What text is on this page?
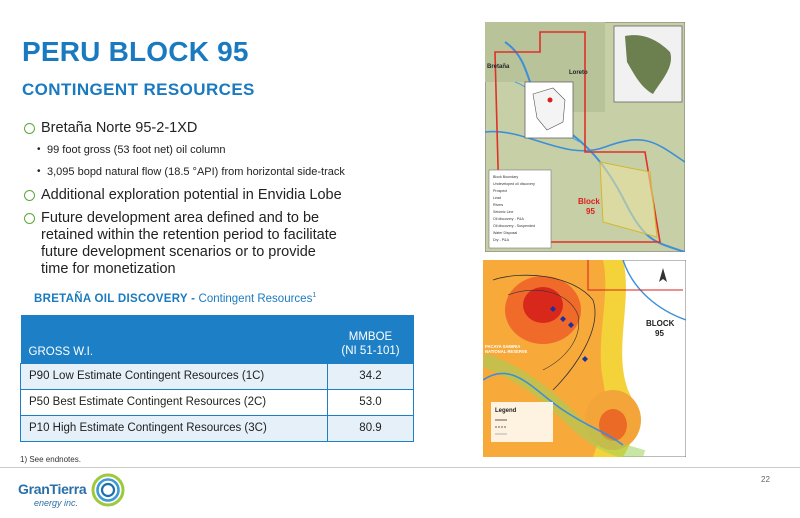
PERU BLOCK 95
CONTINGENT RESOURCES
Bretaña Norte 95-2-1XD
• 99 foot gross (53 foot net) oil column
• 3,095 bopd natural flow (18.5 °API) from horizontal side-track
Additional exploration potential in Envidia Lobe
Future development area defined and to be retained within the retention period to facilitate future development scenarios or to provide time for monetization
BRETAÑA OIL DISCOVERY - Contingent Resources$^1$
GROSS W.I.	MMBOE
(NI 51-101)

P90 Low Estimate Contingent Resources (1C)	34.2
P50 Best Estimate Contingent Resources (2C)	53.0
P10 High Estimate Contingent Resources (3C)	80.9
1) See endnotes.
22
GranTierra
energy inc.
Block Boundary
Undeveloped oil discovery
Prospect
Lead
Rivers
Seismic Line
Oil discovery - P&A
Oil discovery - Suspended
Water Disposal
Dry - P&A
Loreto
Bretaña
Block
95
BLOCK
95
PACAYA SAMIRIA
NATIONAL RESERVE
Legend
